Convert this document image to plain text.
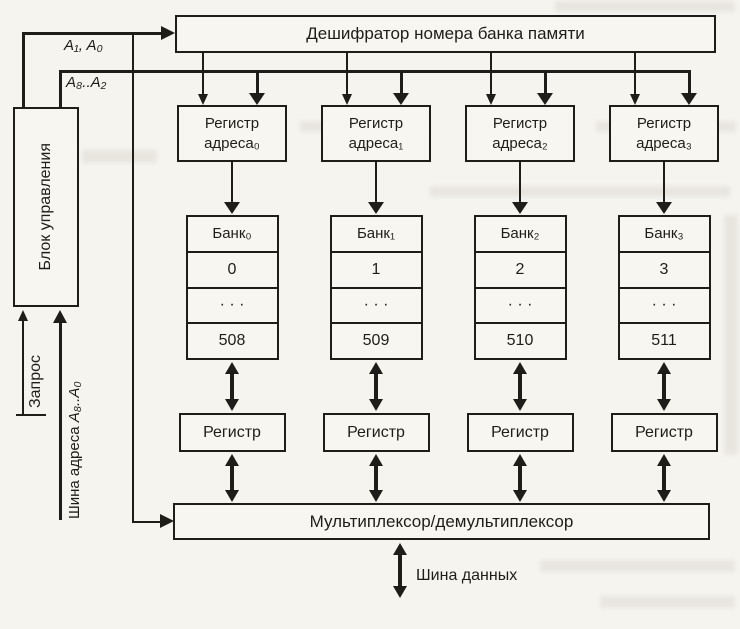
Дешифратор номера банка памяти
Блок управления
A₁, A₀
A₈..A₂
Регистр
адреса₀
Банк₀
0
· · ·
508
Регистр
Регистр
адреса₁
Банк₁
1
· · ·
509
Регистр
Регистр
адреса₂
Банк₂
2
· · ·
510
Регистр
Регистр
адреса₃
Банк₃
3
· · ·
511
Регистр
Мультиплексор/демультиплексор
Шина данных
Запрос
Шина адреса A₈..A₀
